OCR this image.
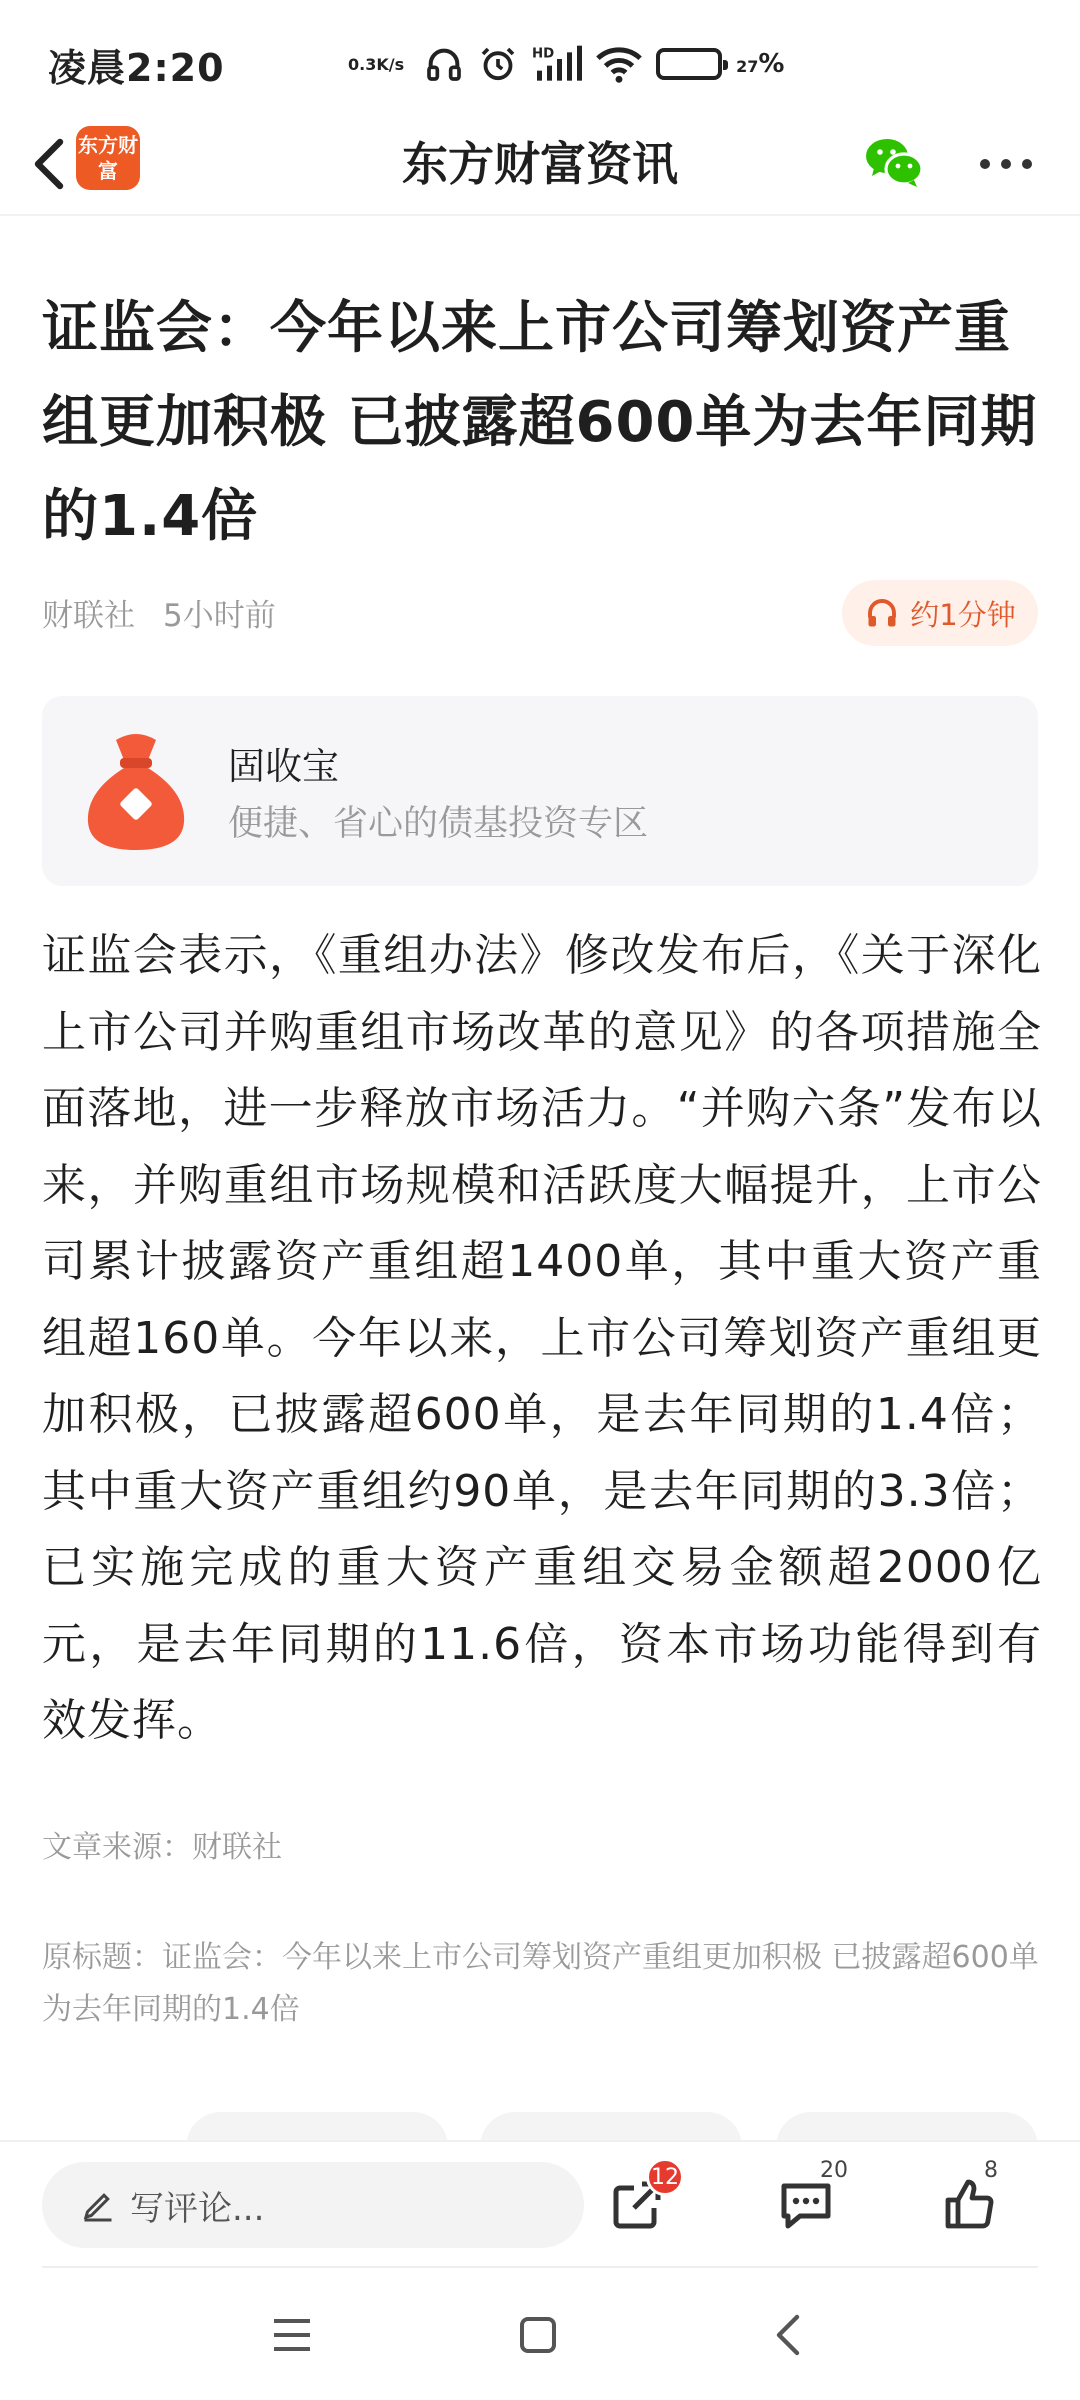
凌晨2:20	0.3K/s
HD
27%
东方财富资讯
东方财富
证监会：今年以来上市公司筹划资产重组更加积极 已披露超600单为去年同期的1.4倍
财联社 5小时前	约1分钟
固收宝
便捷、省心的债基投资专区

证监会表示，《重组办法》修改发布后，《关于深化上市公司并购重组市场改革的意见》的各项措施全面落地，进一步释放市场活力。“并购六条”发布以来，并购重组市场规模和活跃度大幅提升，上市公司累计披露资产重组超1400单，其中重大资产重组超160单。今年以来，上市公司筹划资产重组更加积极，已披露超600单，是去年同期的1.4倍；其中重大资产重组约90单，是去年同期的3.3倍；已实施完成的重大资产重组交易金额超2000亿元，是去年同期的11.6倍，资本市场功能得到有效发挥。

文章来源：财联社
原标题：证监会：今年以来上市公司筹划资产重组更加积极 已披露超600单为去年同期的1.4倍
写评论...
12	20	8
